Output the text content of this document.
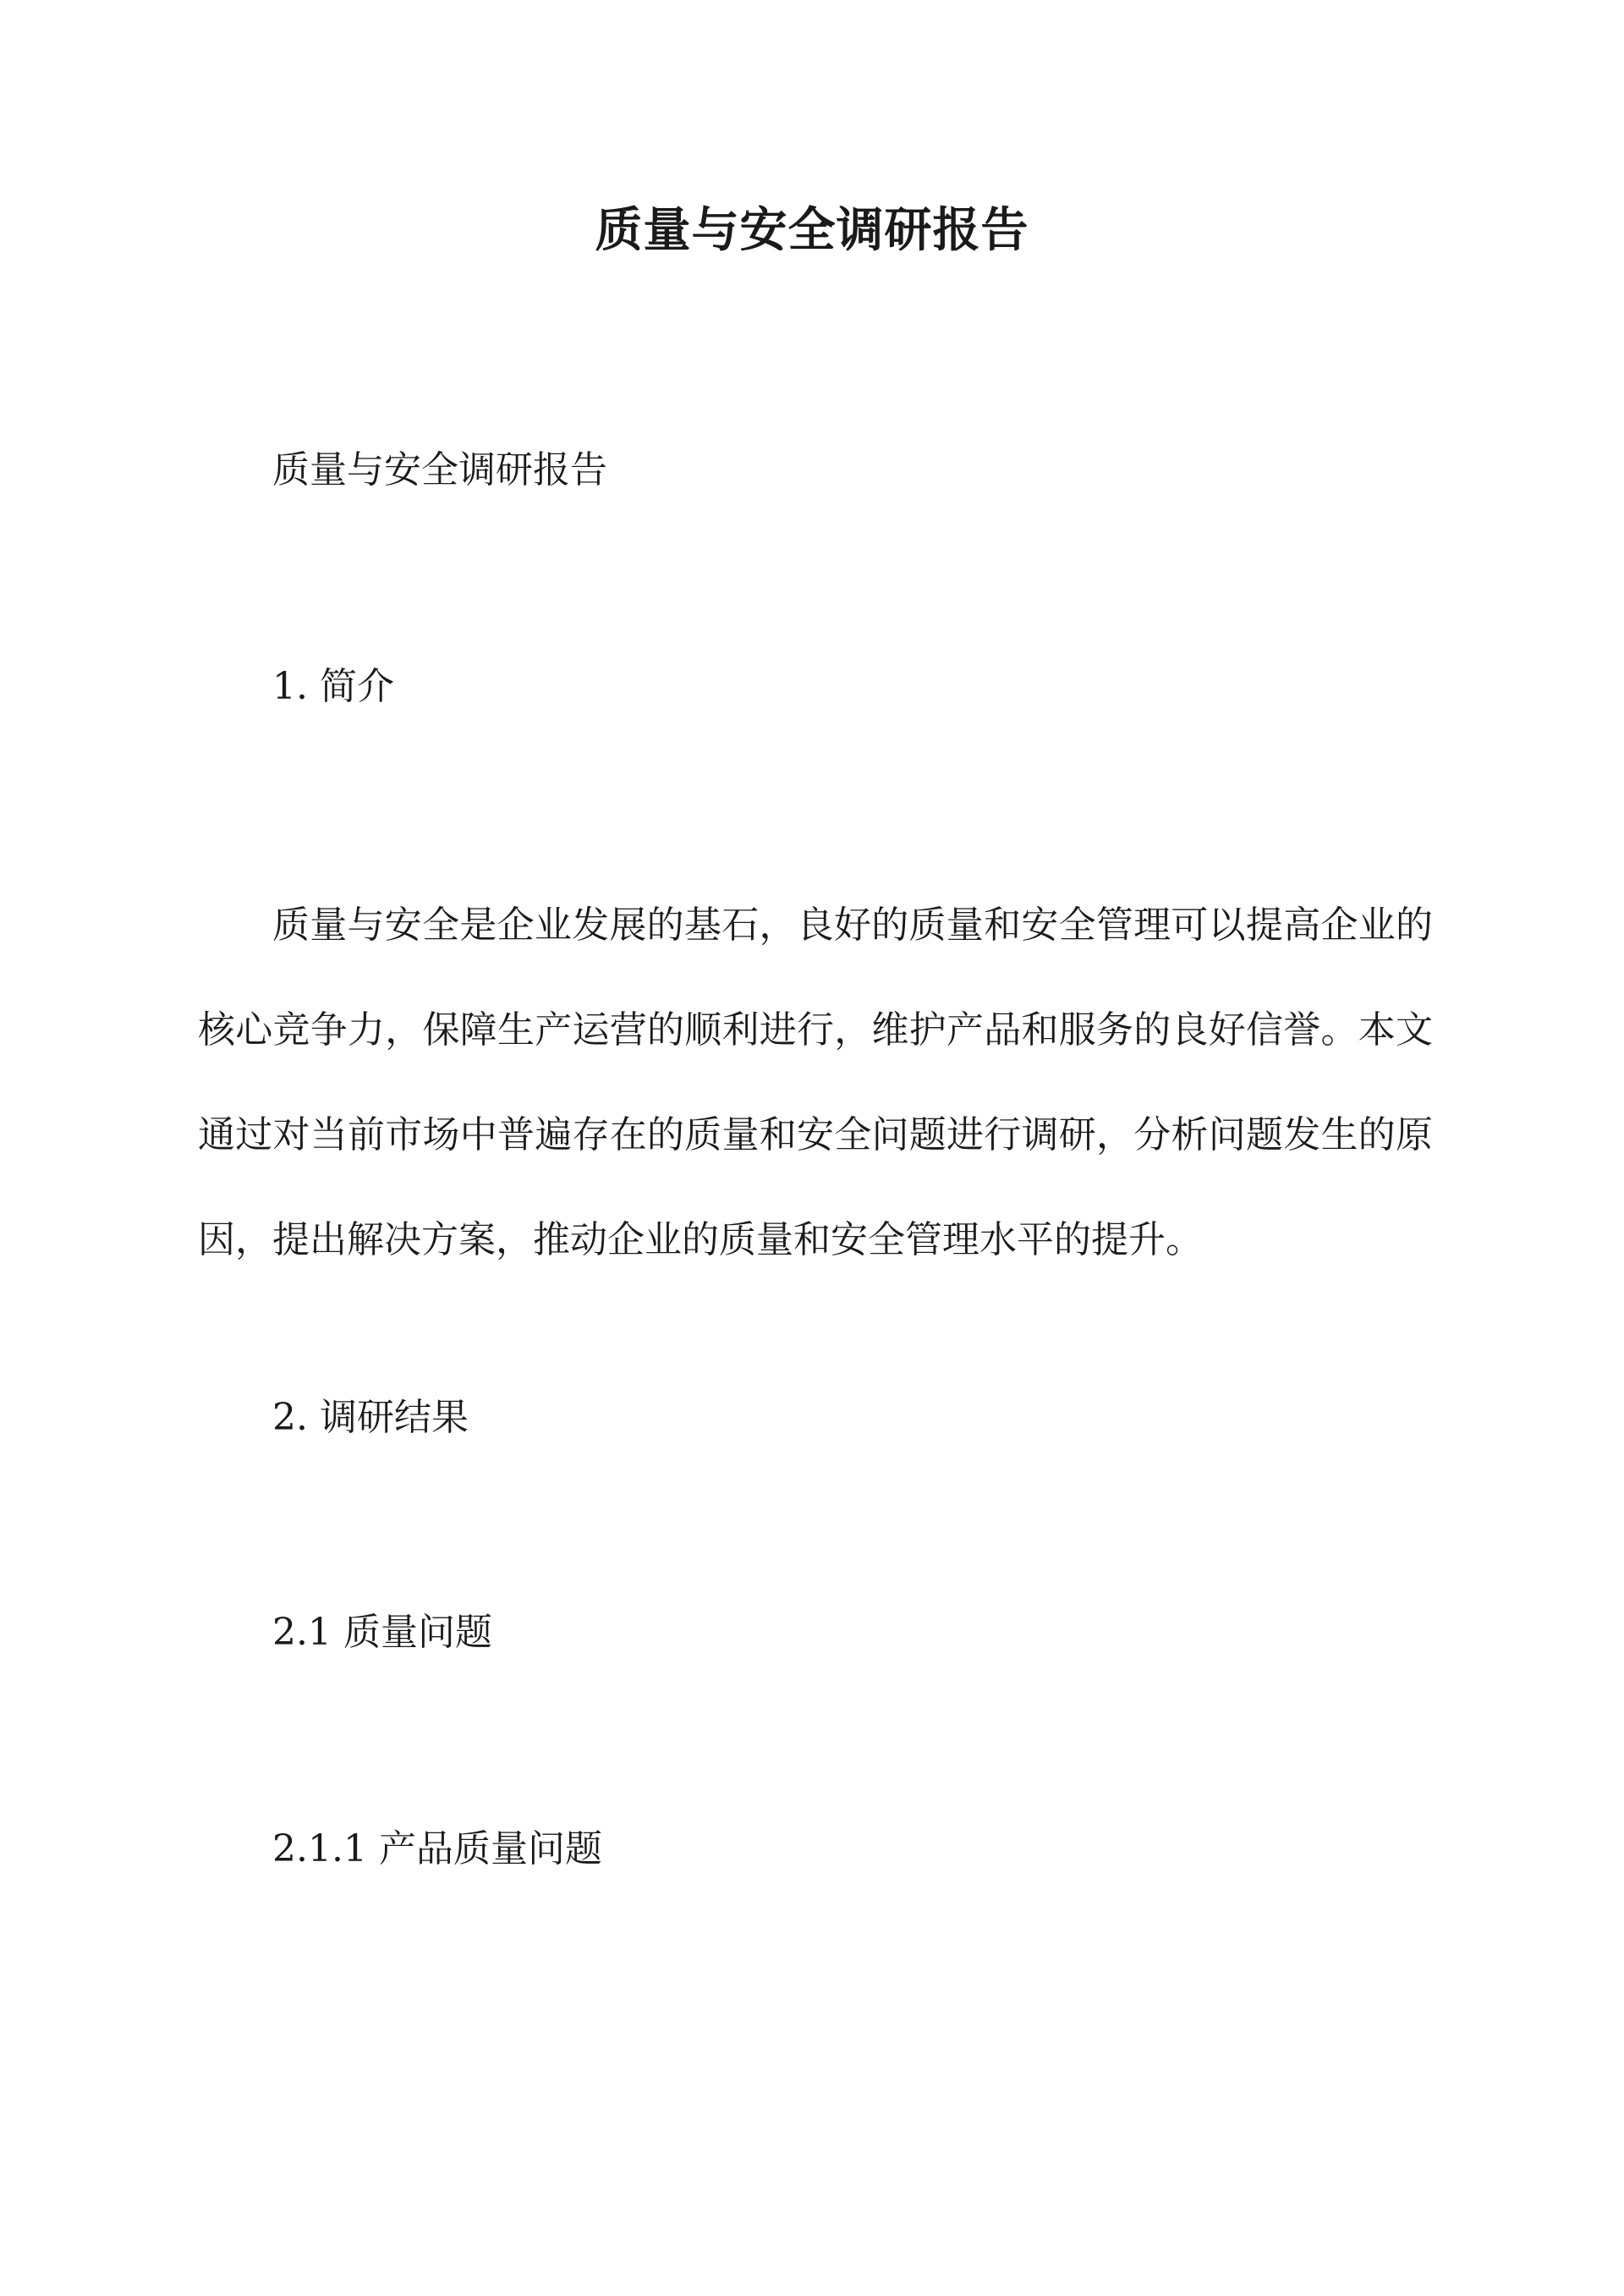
质量与安全调研报告

质量与安全调研报告

1. 简介

质量与安全是企业发展的基石，良好的质量和安全管理可以提高企业的核心竞争力，保障生产运营的顺利进行，维护产品和服务的良好信誉。本文通过对当前市场中普遍存在的质量和安全问题进行调研，分析问题发生的原因，提出解决方案，推动企业的质量和安全管理水平的提升。

2. 调研结果

2.1 质量问题

2.1.1 产品质量问题
